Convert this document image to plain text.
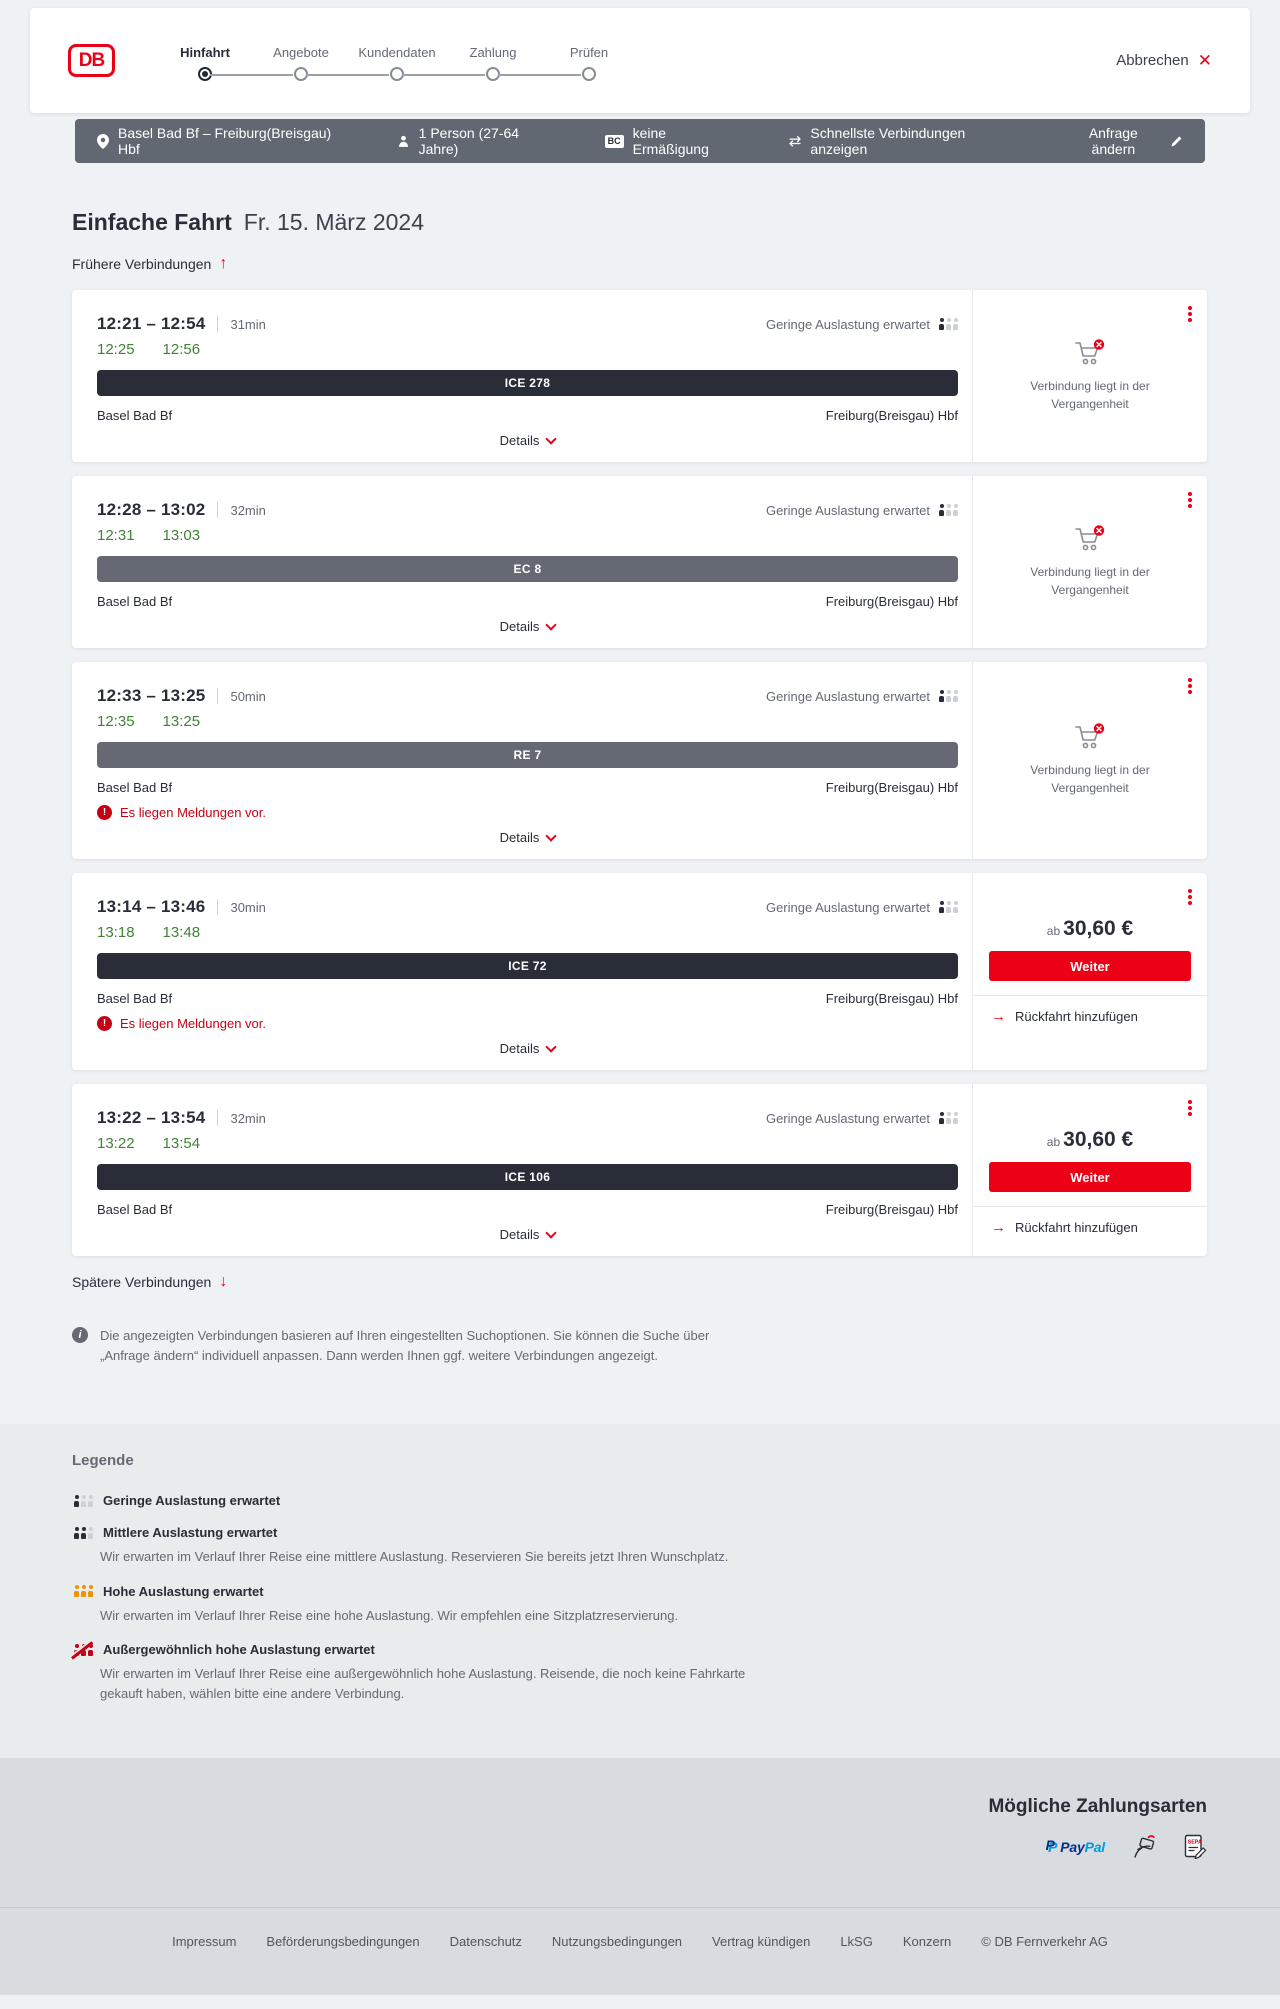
DB	Hinfahrt	Angebote	Kundendaten	Zahlung	Prüfen	Abbrechen ✕
Basel Bad Bf – Freiburg(Breisgau) Hbf
1 Person (27-64 Jahre)
BC keine Ermäßigung	⇄ Schnellste Verbindungen anzeigen
Anfrage ändern
Einfache Fahrt Fr. 15. März 2024
Frühere Verbindungen ↑
12:21 – 12:54 31min	Geringe Auslastung erwartet
12:25 12:56
ICE 278
Basel Bad Bf	Freiburg(Breisgau) Hbf
Details
Verbindung liegt in der Vergangenheit
12:28 – 13:02 32min	Geringe Auslastung erwartet
12:31 13:03
EC 8
Basel Bad Bf	Freiburg(Breisgau) Hbf
Details
Verbindung liegt in der Vergangenheit
12:33 – 13:25 50min	Geringe Auslastung erwartet
12:35 13:25
RE 7
Basel Bad Bf	Freiburg(Breisgau) Hbf
!	Es liegen Meldungen vor.
Details
Verbindung liegt in der Vergangenheit
13:14 – 13:46 30min	Geringe Auslastung erwartet
13:18 13:48
ICE 72
Basel Bad Bf	Freiburg(Breisgau) Hbf
!	Es liegen Meldungen vor.
Details
ab 30,60 €
Weiter
→ Rückfahrt hinzufügen
13:22 – 13:54 32min	Geringe Auslastung erwartet
13:22 13:54
ICE 106
Basel Bad Bf	Freiburg(Breisgau) Hbf
Details
ab 30,60 €
Weiter
→ Rückfahrt hinzufügen
Spätere Verbindungen ↓
i	Die angezeigten Verbindungen basieren auf Ihren eingestellten Suchoptionen. Sie können die Suche über „Anfrage ändern“ individuell anpassen. Dann werden Ihnen ggf. weitere Verbindungen angezeigt.

Legende
Geringe Auslastung erwartet
Mittlere Auslastung erwartet

Wir erwarten im Verlauf Ihrer Reise eine mittlere Auslastung. Reservieren Sie bereits jetzt Ihren Wunschplatz.

Hohe Auslastung erwartet

Wir erwarten im Verlauf Ihrer Reise eine hohe Auslastung. Wir empfehlen eine Sitzplatzreservierung.

Außergewöhnlich hohe Auslastung erwartet

Wir erwarten im Verlauf Ihrer Reise eine außergewöhnlich hohe Auslastung. Reisende, die noch keine Fahrkarte gekauft haben, wählen bitte eine andere Verbindung.

Mögliche Zahlungsarten
P P Pay Pal	SEPA
Impressum Beförderungsbedingungen Datenschutz Nutzungsbedingungen Vertrag kündigen LkSG Konzern © DB Fernverkehr AG
